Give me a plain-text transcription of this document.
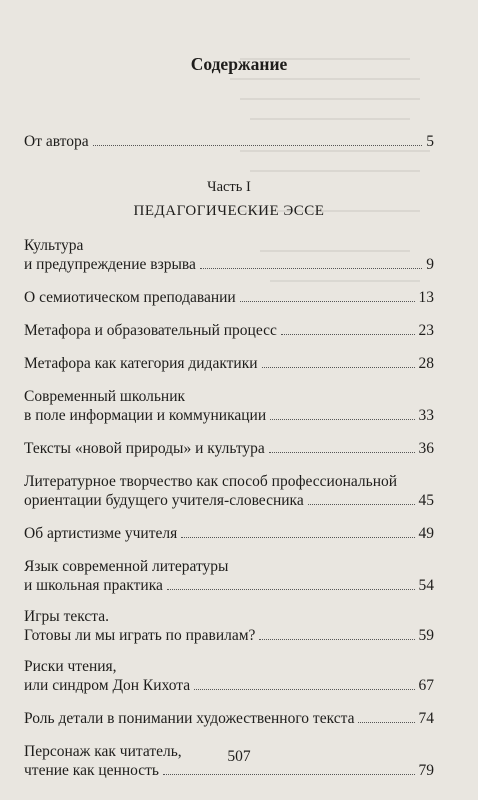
Содержание
От автора	5
Часть I
ПЕДАГОГИЧЕСКИЕ ЭССЕ
Культура
и предупреждение взрыва	9
О семиотическом преподавании	13
Метафора и образовательный процесс	23
Метафора как категория дидактики	28
Современный школьник
в поле информации и коммуникации	33
Тексты «новой природы» и культура	36
Литературное творчество как способ профессиональной
ориентации будущего учителя-словесника	45
Об артистизме учителя	49
Язык современной литературы
и школьная практика	54
Игры текста.
Готовы ли мы играть по правилам?	59
Риски чтения,
или синдром Дон Кихота	67
Роль детали в понимании художественного текста	74
Персонаж как читатель,
чтение как ценность	79
507
